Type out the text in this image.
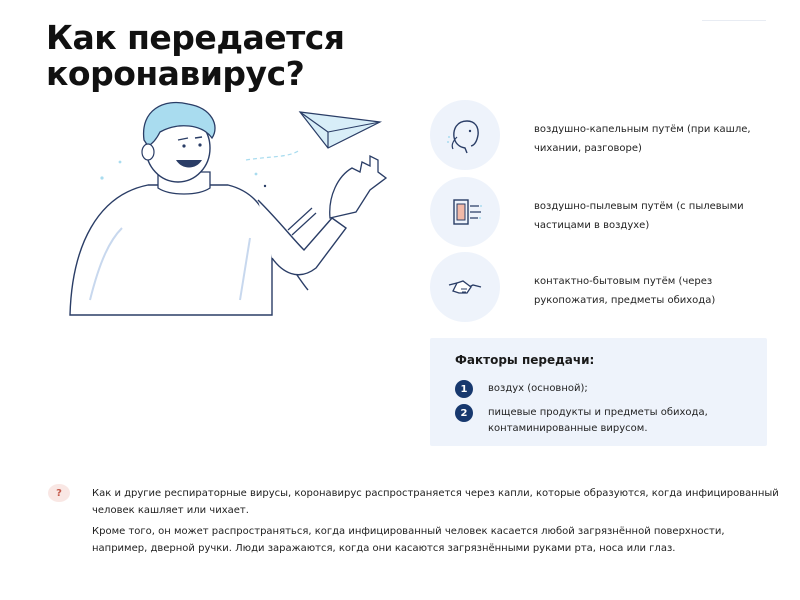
Как передается
коронавирус?
воздушно-капельным путём (при кашле, чихании, разговоре)
воздушно-пылевым путём (с пылевыми частицами в воздухе)
контактно-бытовым путём (через рукопожатия, предметы обихода)
Факторы передачи:
1	воздух (основной);
2	пищевые продукты и предметы обихода, контаминированные вирусом.
?	Как и другие респираторные вирусы, коронавирус распространяется через капли, которые образуются, когда инфицированный человек кашляет или чихает.

Кроме того, он может распространяться, когда инфицированный человек касается любой загрязнённой поверхности, например, дверной ручки. Люди заражаются, когда они касаются загрязнёнными руками рта, носа или глаз.
